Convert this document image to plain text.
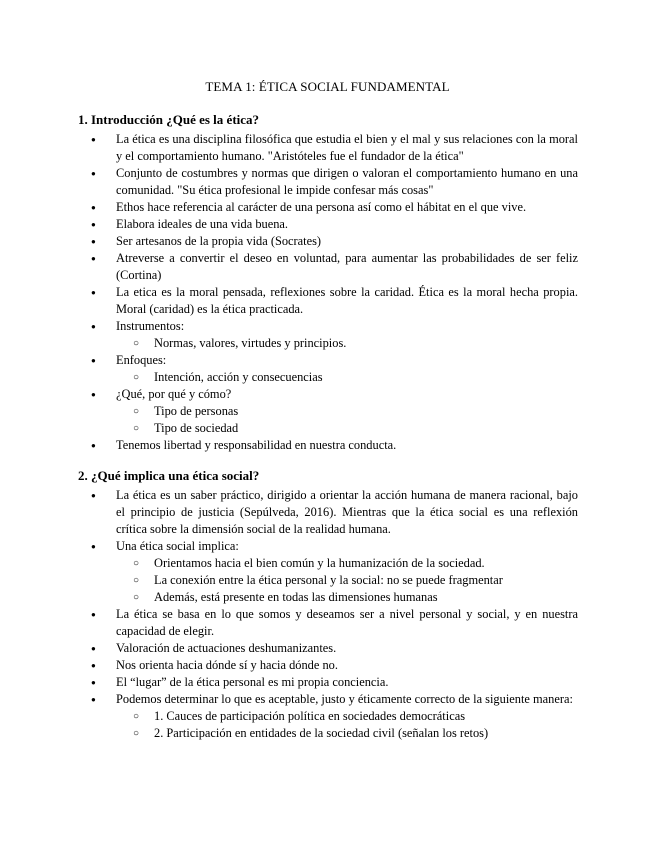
TEMA 1: ÉTICA SOCIAL FUNDAMENTAL
1. Introducción ¿Qué es la ética?
● La ética es una disciplina filosófica que estudia el bien y el mal y sus relaciones con la moral y el comportamiento humano. "Aristóteles fue el fundador de la ética"
● Conjunto de costumbres y normas que dirigen o valoran el comportamiento humano en una comunidad. "Su ética profesional le impide confesar más cosas"
● Ethos hace referencia al carácter de una persona así como el hábitat en el que vive.
● Elabora ideales de una vida buena.
● Ser artesanos de la propia vida (Socrates)
● Atreverse a convertir el deseo en voluntad, para aumentar las probabilidades de ser feliz (Cortina)
● La etica es la moral pensada, reflexiones sobre la caridad. Ética es la moral hecha propia. Moral (caridad) es la ética practicada.
● Instrumentos:
○ Normas, valores, virtudes y principios.
● Enfoques:
○ Intención, acción y consecuencias
● ¿Qué, por qué y cómo?
○ Tipo de personas
○ Tipo de sociedad
● Tenemos libertad y responsabilidad en nuestra conducta.
2. ¿Qué implica una ética social?
● La ética es un saber práctico, dirigido a orientar la acción humana de manera racional, bajo el principio de justicia (Sepúlveda, 2016). Mientras que la ética social es una reflexión crítica sobre la dimensión social de la realidad humana.
● Una ética social implica:
○ Orientamos hacia el bien común y la humanización de la sociedad.
○ La conexión entre la ética personal y la social: no se puede fragmentar
○ Además, está presente en todas las dimensiones humanas
● La ética se basa en lo que somos y deseamos ser a nivel personal y social, y en nuestra capacidad de elegir.
● Valoración de actuaciones deshumanizantes.
● Nos orienta hacia dónde sí y hacia dónde no.
● El “lugar” de la ética personal es mi propia conciencia.
● Podemos determinar lo que es aceptable, justo y éticamente correcto de la siguiente manera:
○ 1. Cauces de participación política en sociedades democráticas
○ 2. Participación en entidades de la sociedad civil (señalan los retos)
